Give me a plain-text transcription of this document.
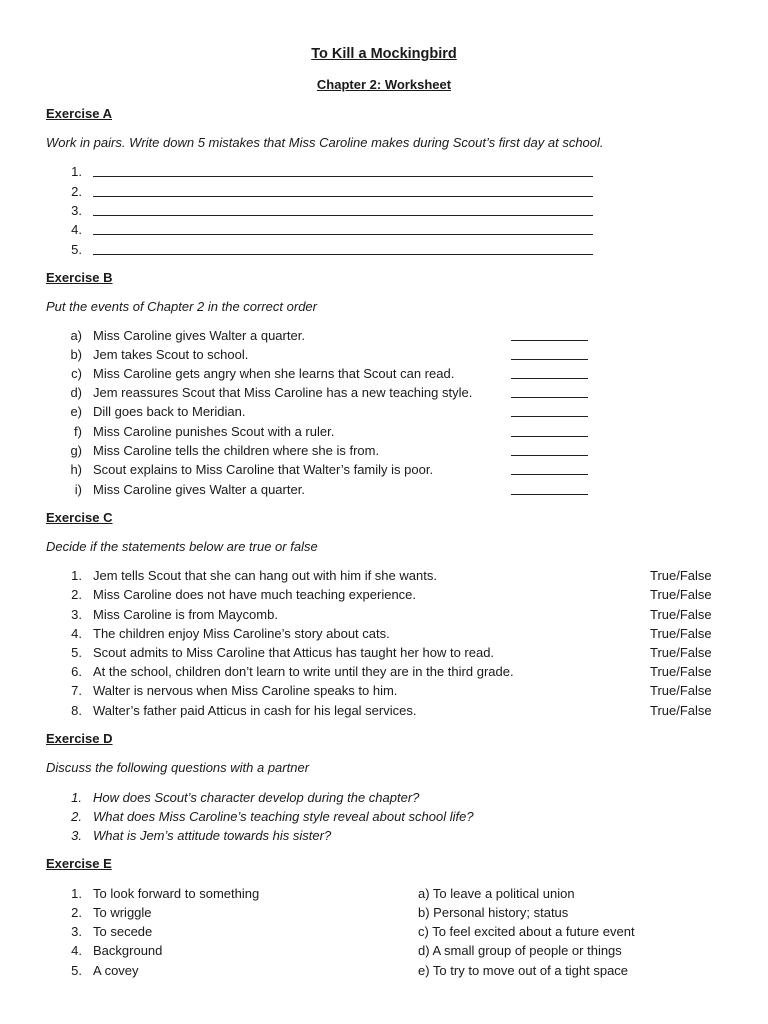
To Kill a Mockingbird
Chapter 2: Worksheet
Exercise A
Work in pairs. Write down 5 mistakes that Miss Caroline makes during Scout’s first day at school.
1.
2.
3.
4.
5.
Exercise B
Put the events of Chapter 2 in the correct order
a) Miss Caroline gives Walter a quarter.
b) Jem takes Scout to school.
c) Miss Caroline gets angry when she learns that Scout can read.
d) Jem reassures Scout that Miss Caroline has a new teaching style.
e) Dill goes back to Meridian.
f) Miss Caroline punishes Scout with a ruler.
g) Miss Caroline tells the children where she is from.
h) Scout explains to Miss Caroline that Walter’s family is poor.
i) Miss Caroline gives Walter a quarter.
Exercise C
Decide if the statements below are true or false
1. Jem tells Scout that she can hang out with him if she wants.	True/False
2. Miss Caroline does not have much teaching experience.	True/False
3. Miss Caroline is from Maycomb.	True/False
4. The children enjoy Miss Caroline’s story about cats.	True/False
5. Scout admits to Miss Caroline that Atticus has taught her how to read.	True/False
6. At the school, children don’t learn to write until they are in the third grade.	True/False
7. Walter is nervous when Miss Caroline speaks to him.	True/False
8. Walter’s father paid Atticus in cash for his legal services.	True/False
Exercise D
Discuss the following questions with a partner
1. How does Scout’s character develop during the chapter?
2. What does Miss Caroline’s teaching style reveal about school life?
3. What is Jem’s attitude towards his sister?
Exercise E
1. To look forward to something	a) To leave a political union
2. To wriggle	b) Personal history; status
3. To secede	c) To feel excited about a future event
4. Background	d) A small group of people or things
5. A covey	e) To try to move out of a tight space
